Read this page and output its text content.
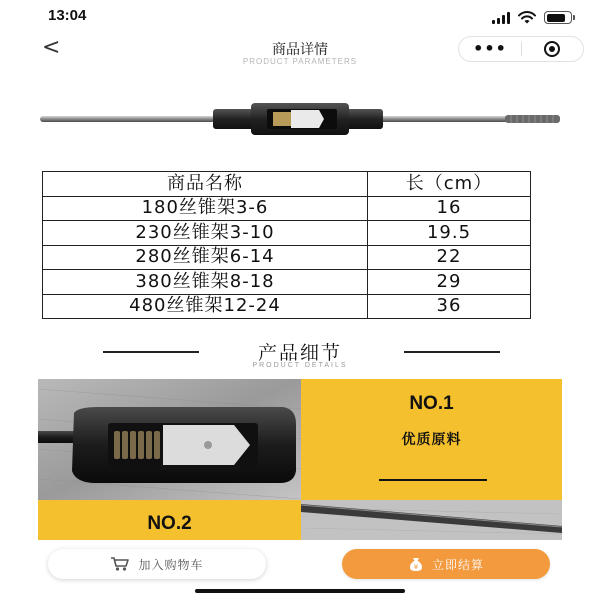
13:04
<	商品详情	•••
PRODUCT PARAMETERS
商品名称	长（cm）
180丝锥架3-6	16
230丝锥架3-10	19.5
280丝锥架6-14	22
380丝锥架8-18	29
480丝锥架12-24	36
产品细节
PRODUCT DETAILS
NO.1
优质原料
NO.2
加入购物车	¥ 立即结算
